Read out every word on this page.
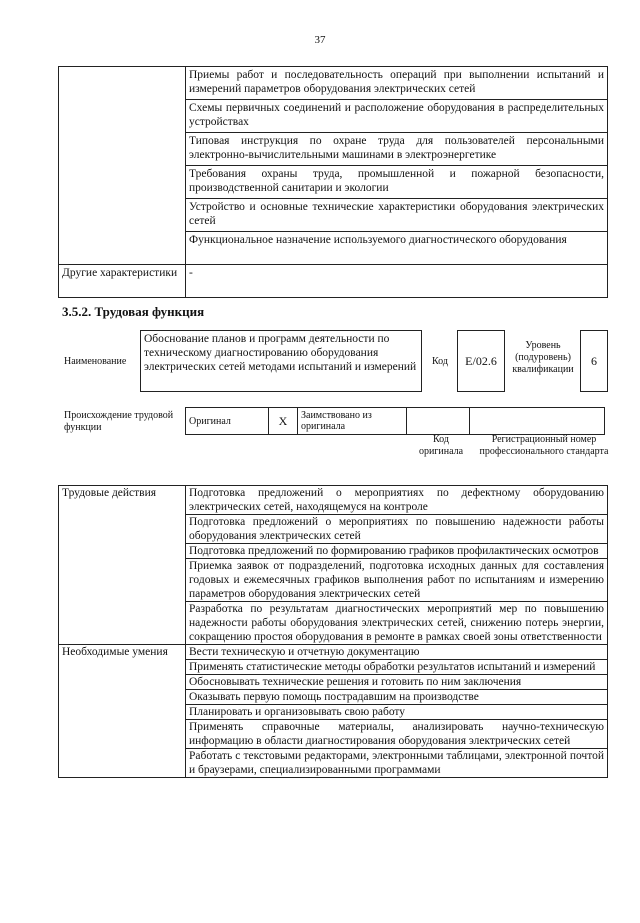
37
	Приемы работ и последовательность операций при выполнении испытаний и измерений параметров оборудования электрических сетей
	Схемы первичных соединений и расположение оборудования в распределительных устройствах
	Типовая инструкция по охране труда для пользователей персональными электронно-вычислительными машинами в электроэнергетике
	Требования охраны труда, промышленной и пожарной безопасности, производственной санитарии и экологии
	Устройство и основные технические характеристики оборудования электрических сетей
	Функциональное назначение используемого диагностического оборудования
Другие характеристики	-
3.5.2. Трудовая функция
Наименование
Обоснование планов и программ деятельности по техническому диагностированию оборудования электрических сетей методами испытаний и измерений	Код	E/02.6
Уровень (подуровень) квалификации
6
Происхождение трудовой функции
Оригинал	X	Заимствовано из оригинала		
Код оригинала
Регистрационный номер профессионального стандарта
Трудовые действия	Подготовка предложений о мероприятиях по дефектному оборудованию электрических сетей, находящемуся на контроле
	Подготовка предложений о мероприятиях по повышению надежности работы оборудования электрических сетей
	Подготовка предложений по формированию графиков профилактических осмотров
	Приемка заявок от подразделений, подготовка исходных данных для составления годовых и ежемесячных графиков выполнения работ по испытаниям и измерению параметров оборудования электрических сетей
	Разработка по результатам диагностических мероприятий мер по повышению надежности работы оборудования электрических сетей, снижению потерь энергии, сокращению простоя оборудования в ремонте в рамках своей зоны ответственности
Необходимые умения	Вести техническую и отчетную документацию
	Применять статистические методы обработки результатов испытаний и измерений
	Обосновывать технические решения и готовить по ним заключения
	Оказывать первую помощь пострадавшим на производстве
	Планировать и организовывать свою работу
	Применять справочные материалы, анализировать научно-техническую информацию в области диагностирования оборудования электрических сетей
	Работать с текстовыми редакторами, электронными таблицами, электронной почтой и браузерами, специализированными программами
